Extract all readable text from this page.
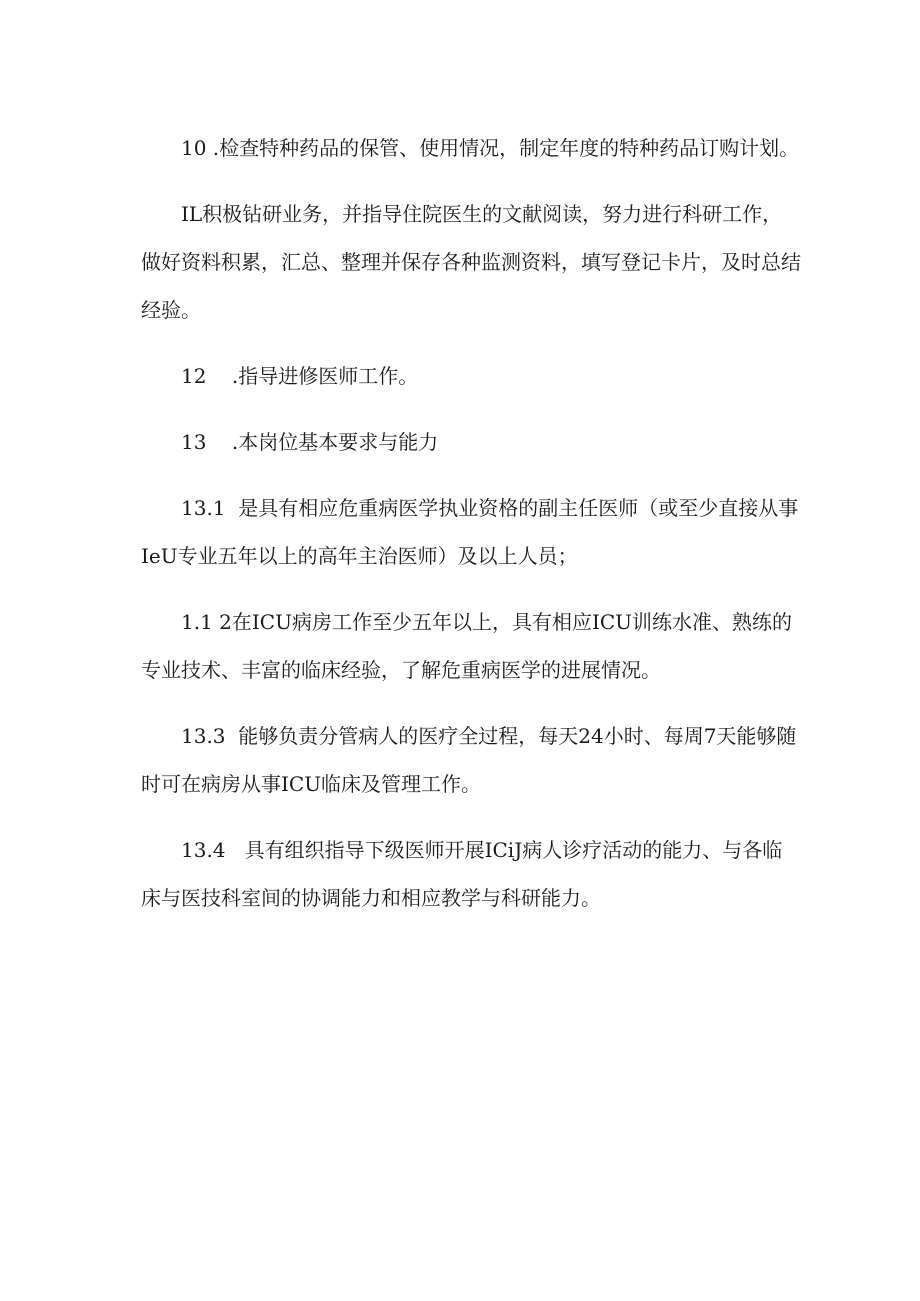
10 .检查特种药品的保管、使用情况，制定年度的特种药品订购计划。

IL积极钻研业务，并指导住院医生的文献阅读，努力进行科研工作，做好资料积累，汇总、整理并保存各种监测资料，填写登记卡片，及时总结经验。

12    .指导进修医师工作。

13    .本岗位基本要求与能力

13.1  是具有相应危重病医学执业资格的副主任医师（或至少直接从事IeU专业五年以上的高年主治医师）及以上人员；

1.1 2在ICU病房工作至少五年以上，具有相应ICU训练水准、熟练的专业技术、丰富的临床经验，了解危重病医学的进展情况。

13.3  能够负责分管病人的医疗全过程，每天24小时、每周7天能够随时可在病房从事ICU临床及管理工作。

13.4   具有组织指导下级医师开展ICiJ病人诊疗活动的能力、与各临床与医技科室间的协调能力和相应教学与科研能力。
